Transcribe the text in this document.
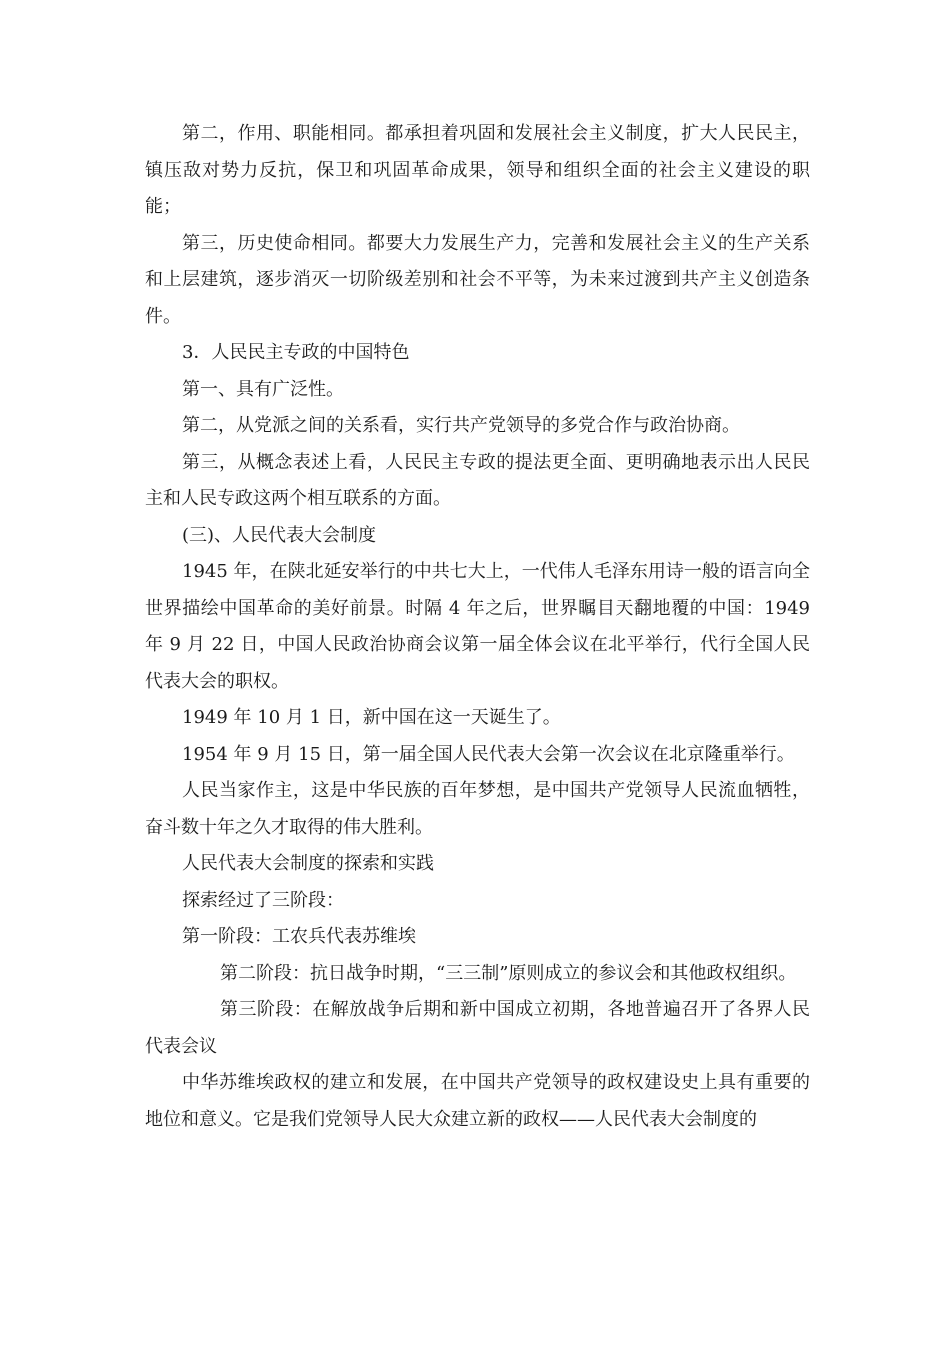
第二，作用、职能相同。都承担着巩固和发展社会主义制度，扩大人民民主，镇压敌对势力反抗，保卫和巩固革命成果，领导和组织全面的社会主义建设的职能；

第三，历史使命相同。都要大力发展生产力，完善和发展社会主义的生产关系和上层建筑，逐步消灭一切阶级差别和社会不平等，为未来过渡到共产主义创造条件。

3．人民民主专政的中国特色

第一、具有广泛性。

第二，从党派之间的关系看，实行共产党领导的多党合作与政治协商。

第三，从概念表述上看，人民民主专政的提法更全面、更明确地表示出人民民主和人民专政这两个相互联系的方面。

(三)、人民代表大会制度

1945 年，在陕北延安举行的中共七大上，一代伟人毛泽东用诗一般的语言向全世界描绘中国革命的美好前景。时隔 4 年之后，世界瞩目天翻地覆的中国：1949 年 9 月 22 日，中国人民政治协商会议第一届全体会议在北平举行，代行全国人民代表大会的职权。

1949 年 10 月 1 日，新中国在这一天诞生了。

1954 年 9 月 15 日，第一届全国人民代表大会第一次会议在北京隆重举行。

人民当家作主，这是中华民族的百年梦想，是中国共产党领导人民流血牺牲，奋斗数十年之久才取得的伟大胜利。

人民代表大会制度的探索和实践

探索经过了三阶段：

第一阶段：工农兵代表苏维埃

第二阶段：抗日战争时期，“三三制”原则成立的参议会和其他政权组织。

第三阶段：在解放战争后期和新中国成立初期，各地普遍召开了各界人民代表会议

中华苏维埃政权的建立和发展，在中国共产党领导的政权建设史上具有重要的地位和意义。它是我们党领导人民大众建立新的政权——人民代表大会制度的
